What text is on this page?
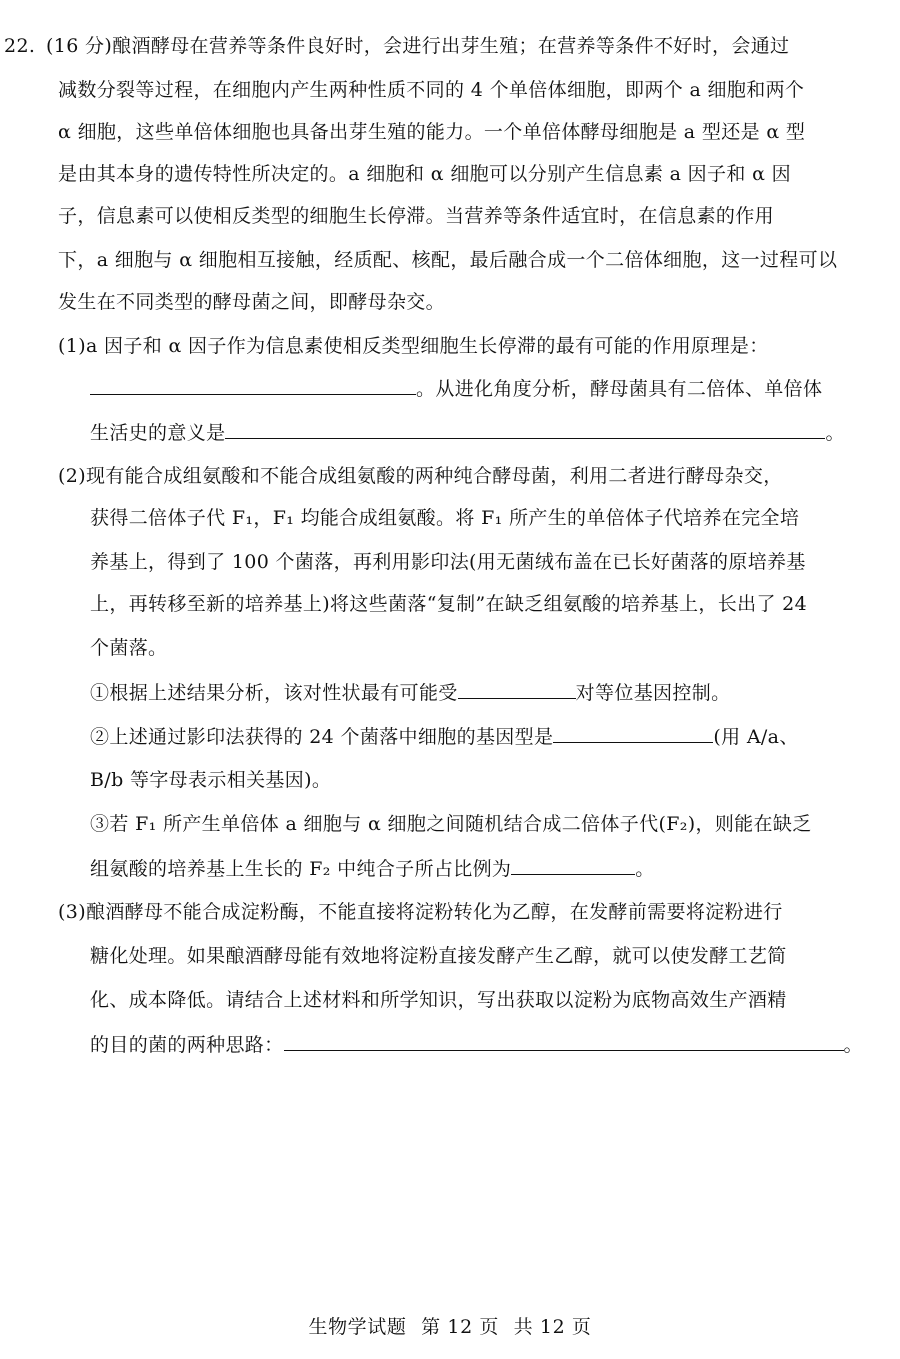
22. (16 分)酿酒酵母在营养等条件良好时，会进行出芽生殖；在营养等条件不好时，会通过
减数分裂等过程，在细胞内产生两种性质不同的 4 个单倍体细胞，即两个 a 细胞和两个
α 细胞，这些单倍体细胞也具备出芽生殖的能力。一个单倍体酵母细胞是 a 型还是 α 型
是由其本身的遗传特性所决定的。a 细胞和 α 细胞可以分别产生信息素 a 因子和 α 因
子，信息素可以使相反类型的细胞生长停滞。当营养等条件适宜时，在信息素的作用
下，a 细胞与 α 细胞相互接触，经质配、核配，最后融合成一个二倍体细胞，这一过程可以
发生在不同类型的酵母菌之间，即酵母杂交。
(1)a 因子和 α 因子作为信息素使相反类型细胞生长停滞的最有可能的作用原理是：
。从进化角度分析，酵母菌具有二倍体、单倍体
生活史的意义是	。
(2)现有能合成组氨酸和不能合成组氨酸的两种纯合酵母菌，利用二者进行酵母杂交，
获得二倍体子代 F₁，F₁ 均能合成组氨酸。将 F₁ 所产生的单倍体子代培养在完全培
养基上，得到了 100 个菌落，再利用影印法(用无菌绒布盖在已长好菌落的原培养基
上，再转移至新的培养基上)将这些菌落“复制”在缺乏组氨酸的培养基上，长出了 24
个菌落。
①根据上述结果分析，该对性状最有可能受	对等位基因控制。
②上述通过影印法获得的 24 个菌落中细胞的基因型是	(用 A/a、
B/b 等字母表示相关基因)。
③若 F₁ 所产生单倍体 a 细胞与 α 细胞之间随机结合成二倍体子代(F₂)，则能在缺乏
组氨酸的培养基上生长的 F₂ 中纯合子所占比例为	。
(3)酿酒酵母不能合成淀粉酶，不能直接将淀粉转化为乙醇，在发酵前需要将淀粉进行
糖化处理。如果酿酒酵母能有效地将淀粉直接发酵产生乙醇，就可以使发酵工艺简
化、成本降低。请结合上述材料和所学知识，写出获取以淀粉为底物高效生产酒精
的目的菌的两种思路：	。
生物学试题 第 12 页 共 12 页
